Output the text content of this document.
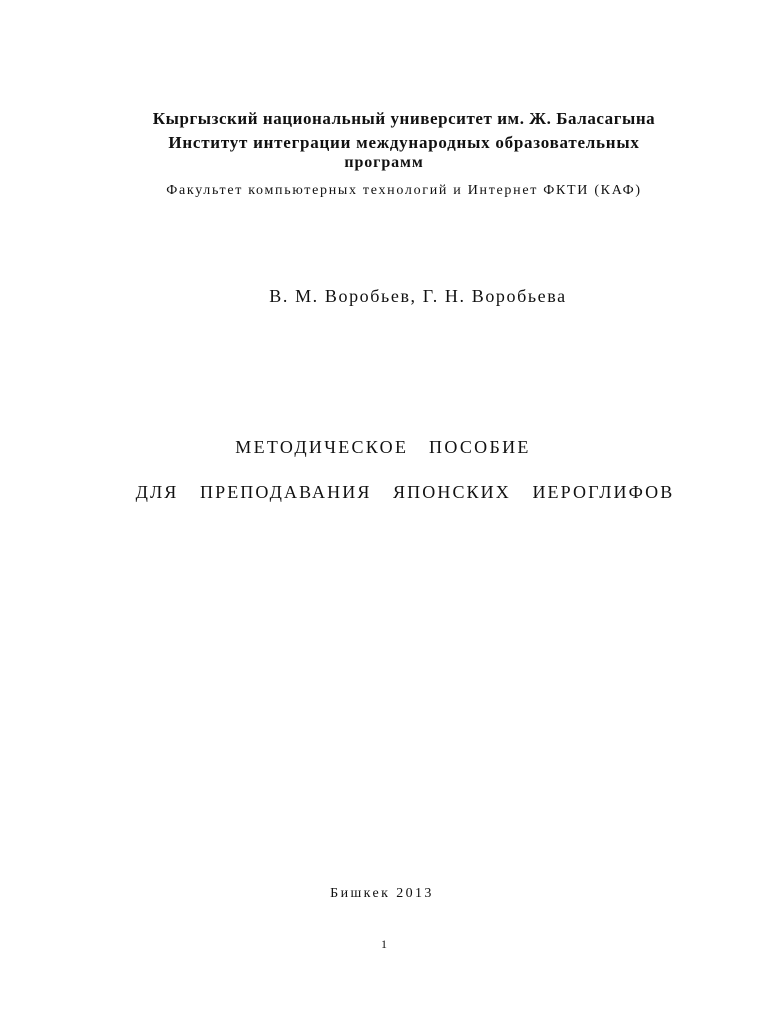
Кыргызский национальный университет им. Ж. Баласагына
Институт интеграции международных образовательных
программ
Факультет компьютерных технологий и Интернет ФКТИ (КАФ)
В. М. Воробьев, Г. Н. Воробьева
МЕТОДИЧЕСКОЕ ПОСОБИЕ
ДЛЯ ПРЕПОДАВАНИЯ ЯПОНСКИХ ИЕРОГЛИФОВ
Бишкек 2013
1
